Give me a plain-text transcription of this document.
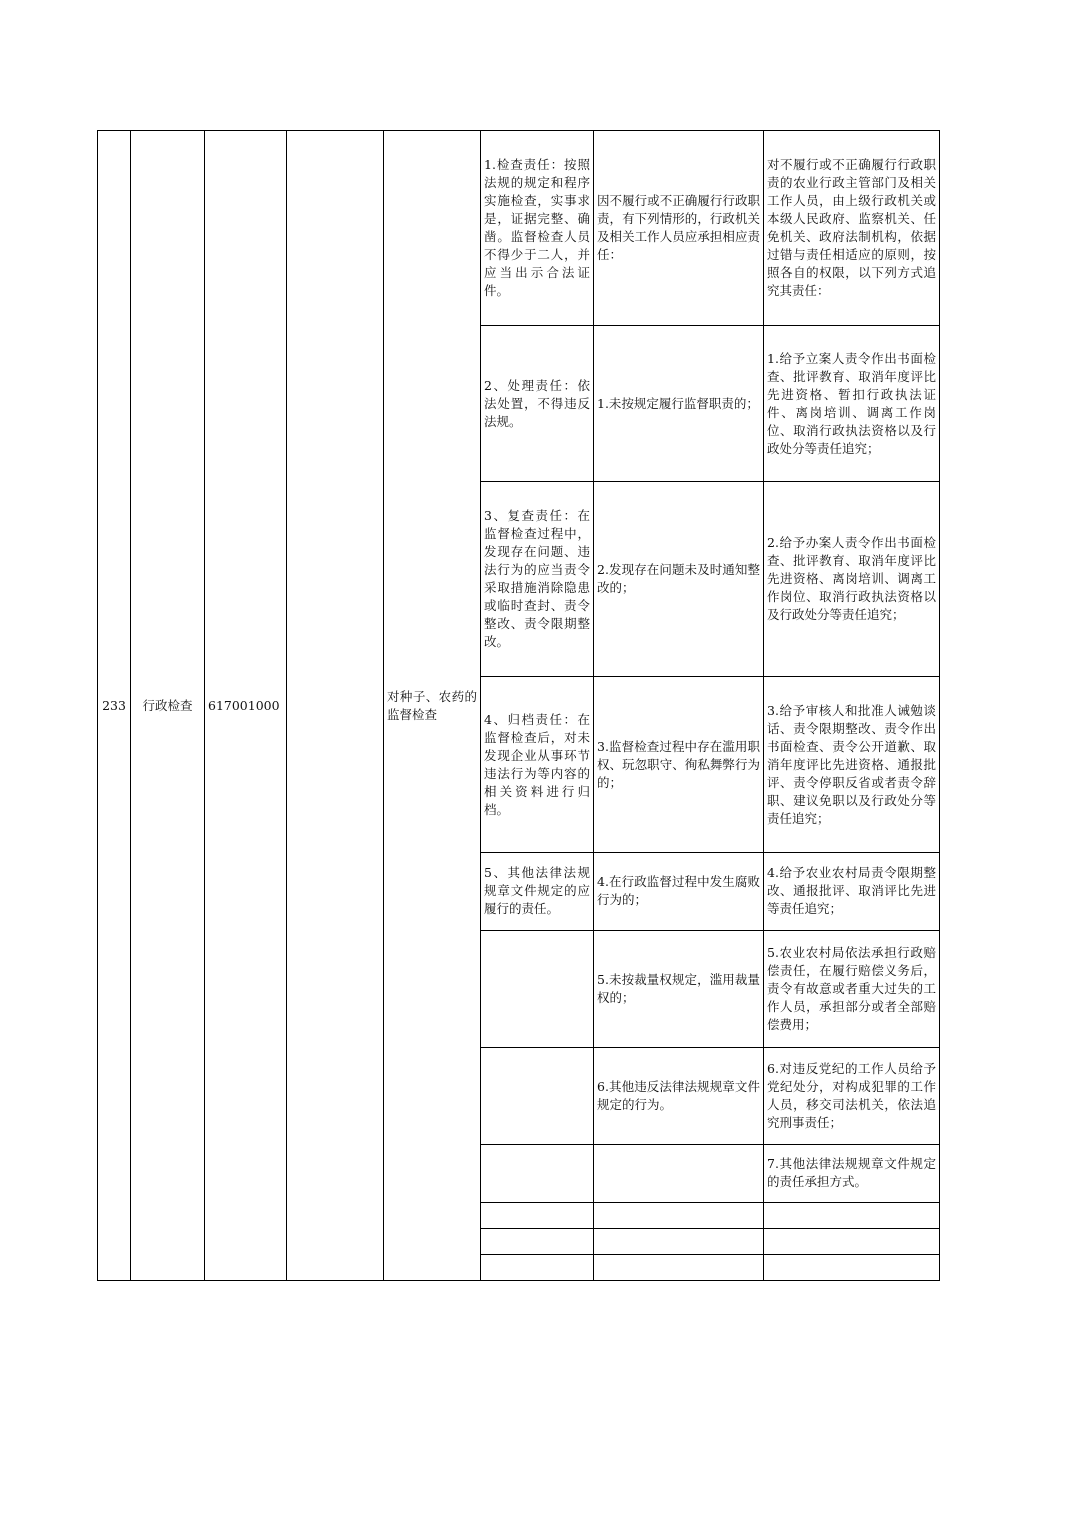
233	行政检查	617001000		对种子、农药的监督检查	1.检查责任：按照法规的规定和程序实施检查，实事求是，证据完整、确凿。监督检查人员不得少于二人，并应当出示合法证件。	因不履行或不正确履行行政职责，有下列情形的，行政机关及相关工作人员应承担相应责任：	对不履行或不正确履行行政职责的农业行政主管部门及相关工作人员，由上级行政机关或本级人民政府、监察机关、任免机关、政府法制机构，依据过错与责任相适应的原则，按照各自的权限，以下列方式追究其责任：
					2、处理责任：依法处置，不得违反法规。	1.未按规定履行监督职责的；	1.给予立案人责令作出书面检查、批评教育、取消年度评比先进资格、暂扣行政执法证件、离岗培训、调离工作岗位、取消行政执法资格以及行政处分等责任追究；
					3、复查责任：在监督检查过程中，发现存在问题、违法行为的应当责令采取措施消除隐患或临时查封、责令整改、责令限期整改。	2.发现存在问题未及时通知整改的；	2.给予办案人责令作出书面检查、批评教育、取消年度评比先进资格、离岗培训、调离工作岗位、取消行政执法资格以及行政处分等责任追究；
					4、归档责任：在监督检查后，对未发现企业从事环节违法行为等内容的相关资料进行归档。	3.监督检查过程中存在滥用职权、玩忽职守、徇私舞弊行为的；	3.给予审核人和批准人诫勉谈话、责令限期整改、责令作出书面检查、责令公开道歉、取消年度评比先进资格、通报批评、责令停职反省或者责令辞职、建议免职以及行政处分等责任追究；
					5、其他法律法规规章文件规定的应履行的责任。	4.在行政监督过程中发生腐败行为的；	4.给予农业农村局责令限期整改、通报批评、取消评比先进等责任追究；
						5.未按裁量权规定，滥用裁量权的；	5.农业农村局依法承担行政赔偿责任，在履行赔偿义务后，责令有故意或者重大过失的工作人员，承担部分或者全部赔偿费用；
						6.其他违反法律法规规章文件规定的行为。	6.对违反党纪的工作人员给予党纪处分，对构成犯罪的工作人员，移交司法机关，依法追究刑事责任；
							7.其他法律法规规章文件规定的责任承担方式。
